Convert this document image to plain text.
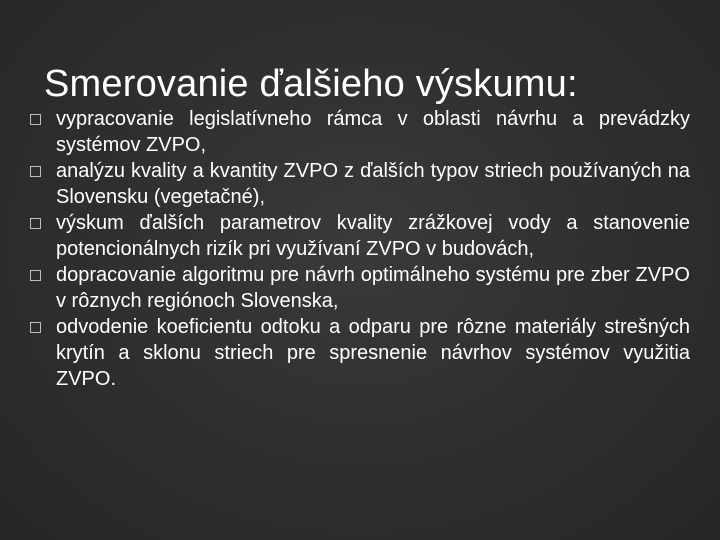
Smerovanie ďalšieho výskumu:
vypracovanie legislatívneho rámca v oblasti návrhu a prevádzky systémov ZVPO,
analýzu kvality a kvantity ZVPO z ďalších typov striech používaných na Slovensku (vegetačné),
výskum ďalších parametrov kvality zrážkovej vody a stanovenie potencionálnych rizík pri využívaní ZVPO v budovách,
dopracovanie algoritmu pre návrh optimálneho systému pre zber ZVPO v rôznych regiónoch Slovenska,
odvodenie koeficientu odtoku a odparu pre rôzne materiály strešných krytín a sklonu striech pre spresnenie návrhov systémov využitia ZVPO.
